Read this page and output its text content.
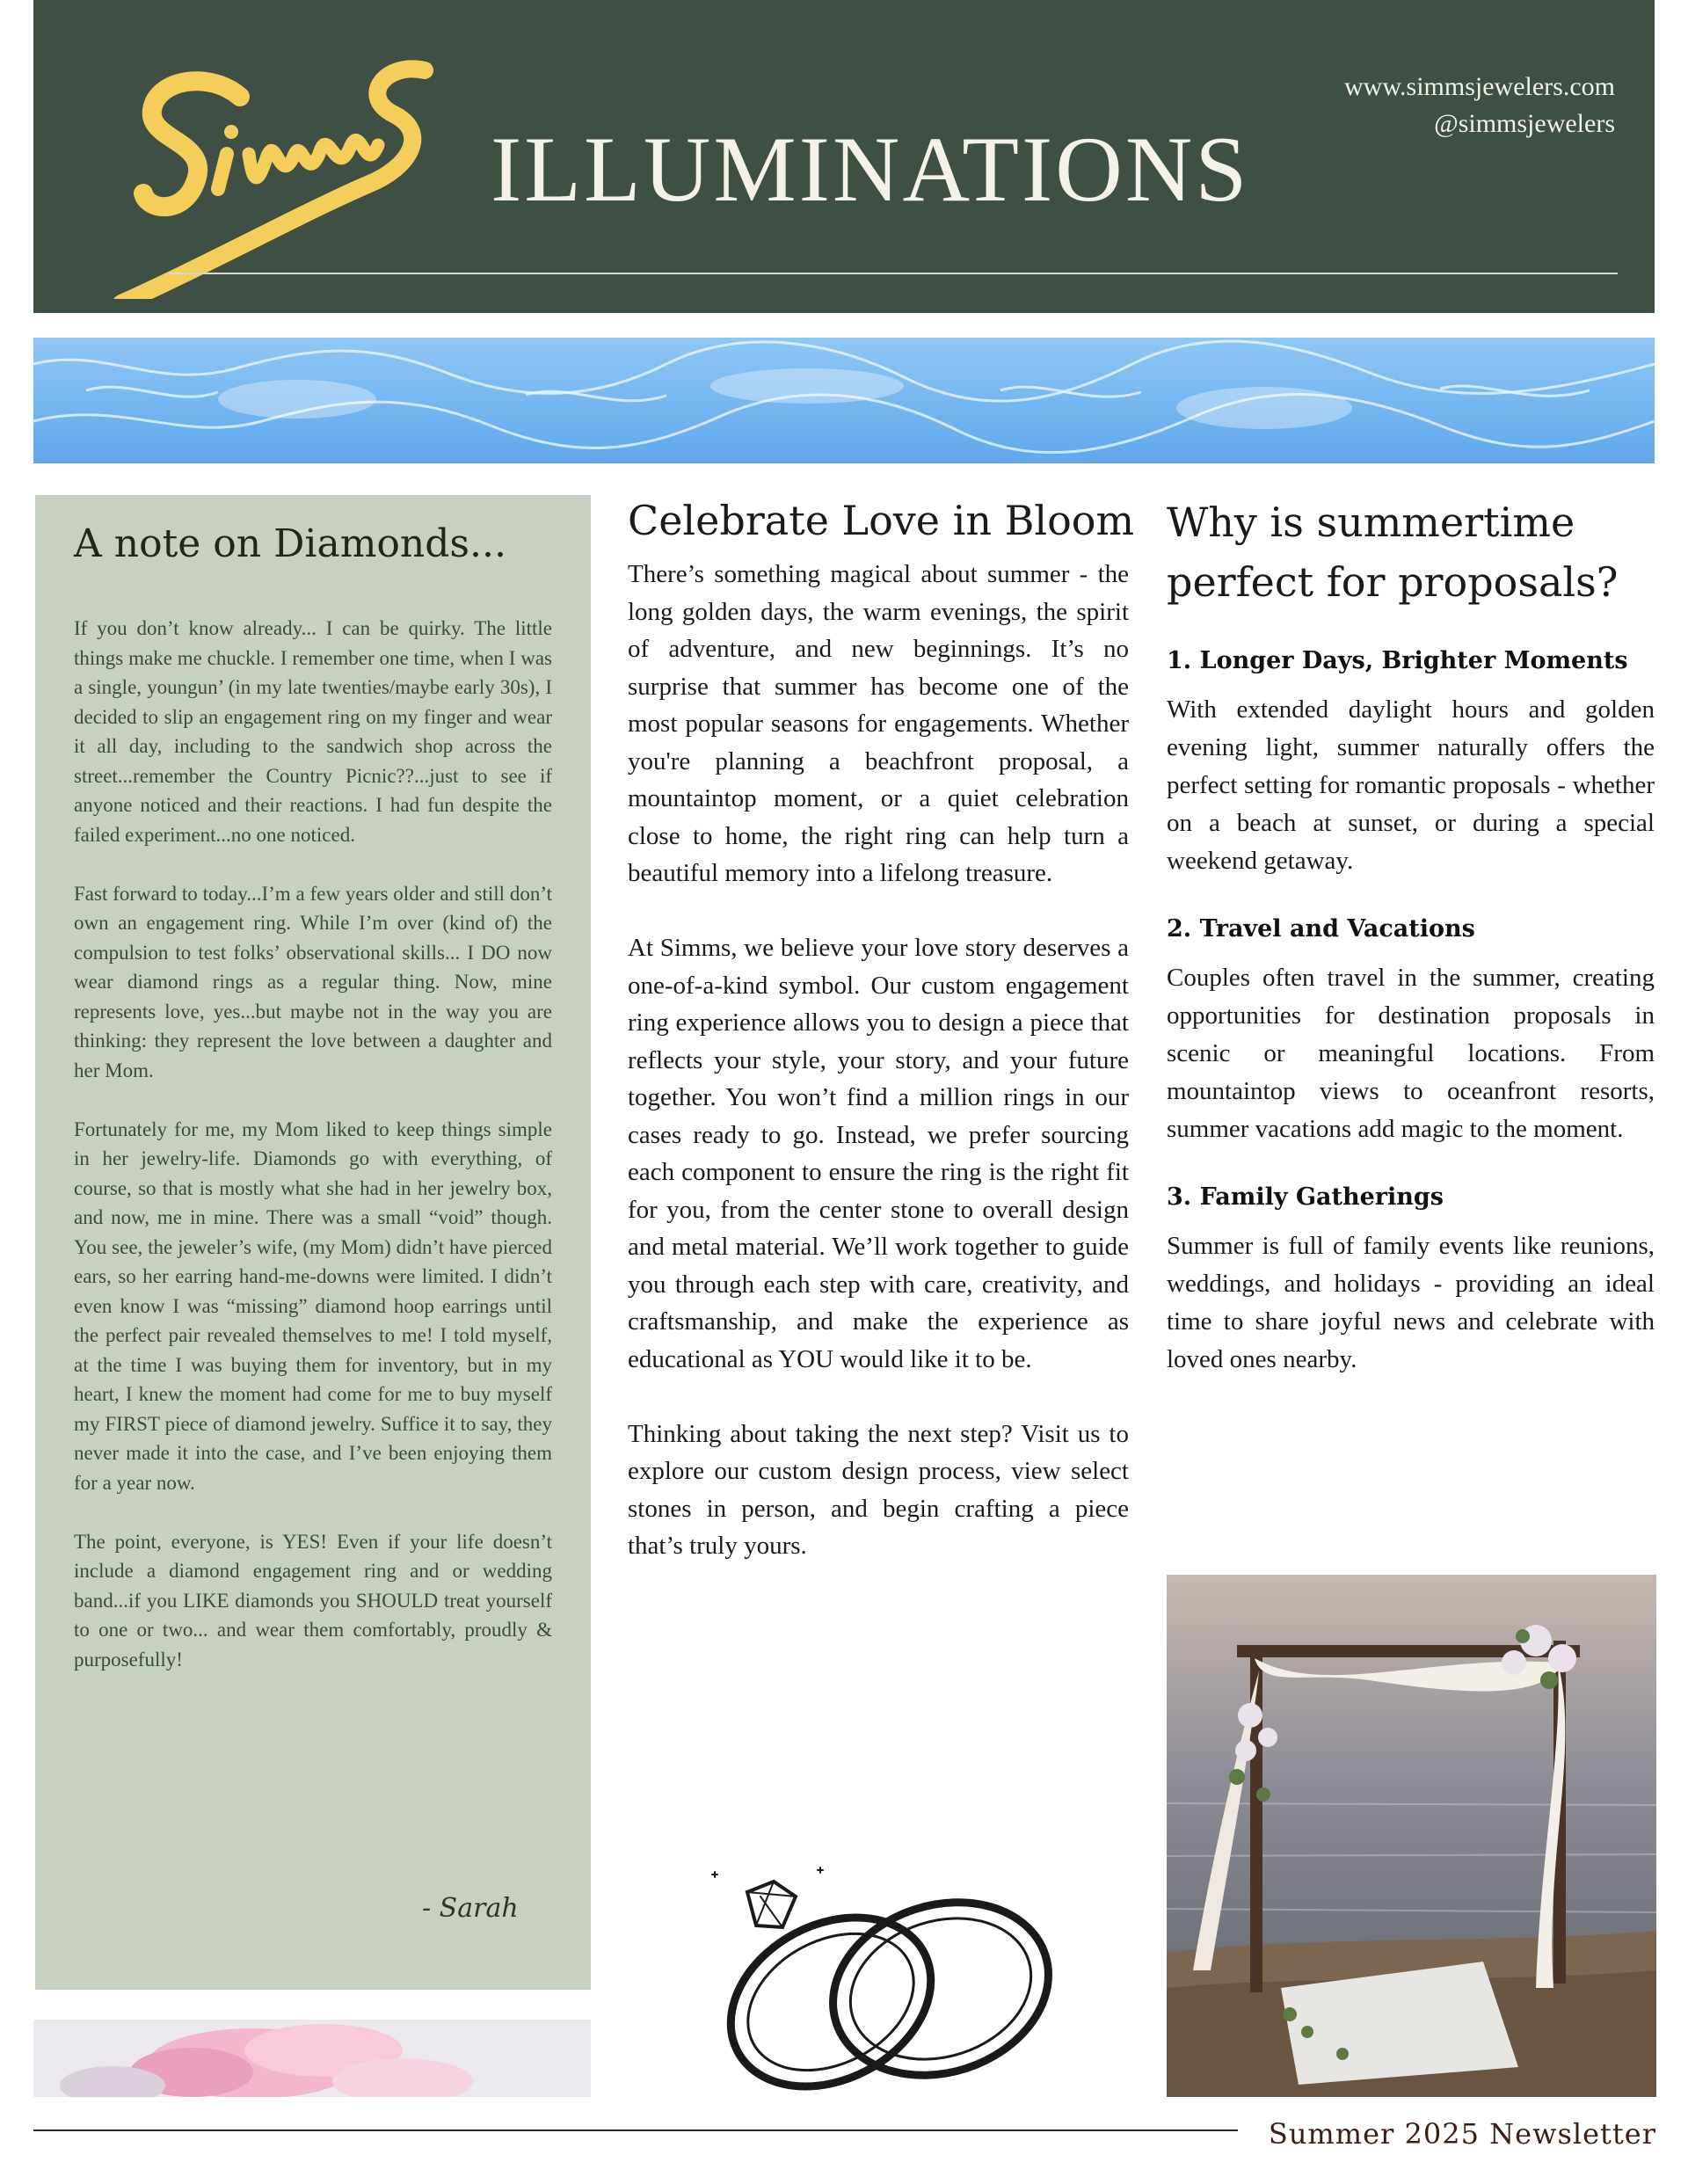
ILLUMINATIONS
www.simmsjewelers.com
@simmsjewelers
A note on Diamonds...

If you don’t know already... I can be quirky. The little things make me chuckle. I remember one time, when I was a single, youngun’ (in my late twenties/maybe early 30s), I decided to slip an engagement ring on my finger and wear it all day, including to the sandwich shop across the street...remember the Country Picnic??...just to see if anyone noticed and their reactions. I had fun despite the failed experiment...no one noticed.

Fast forward to today...I’m a few years older and still don’t own an engagement ring. While I’m over (kind of) the compulsion to test folks’ observational skills... I DO now wear diamond rings as a regular thing. Now, mine represents love, yes...but maybe not in the way you are thinking: they represent the love between a daughter and her Mom.

Fortunately for me, my Mom liked to keep things simple in her jewelry-life. Diamonds go with everything, of course, so that is mostly what she had in her jewelry box, and now, me in mine. There was a small “void” though. You see, the jeweler’s wife, (my Mom) didn’t have pierced ears, so her earring hand-me-downs were limited. I didn’t even know I was “missing” diamond hoop earrings until the perfect pair revealed themselves to me! I told myself, at the time I was buying them for inventory, but in my heart, I knew the moment had come for me to buy myself my FIRST piece of diamond jewelry. Suffice it to say, they never made it into the case, and I’ve been enjoying them for a year now.

The point, everyone, is YES! Even if your life doesn’t include a diamond engagement ring and or wedding band...if you LIKE diamonds you SHOULD treat yourself to one or two... and wear them comfortably, proudly & purposefully!

- Sarah
Celebrate Love in Bloom

There’s something magical about summer - the long golden days, the warm evenings, the spirit of adventure, and new beginnings. It’s no surprise that summer has become one of the most popular seasons for engagements. Whether you're planning a beachfront proposal, a mountaintop moment, or a quiet celebration close to home, the right ring can help turn a beautiful memory into a lifelong treasure.

At Simms, we believe your love story deserves a one-of-a-kind symbol. Our custom engagement ring experience allows you to design a piece that reflects your style, your story, and your future together. You won’t find a million rings in our cases ready to go. Instead, we prefer sourcing each component to ensure the ring is the right fit for you, from the center stone to overall design and metal material. We’ll work together to guide you through each step with care, creativity, and craftsmanship, and make the experience as educational as YOU would like it to be.

Thinking about taking the next step? Visit us to explore our custom design process, view select stones in person, and begin crafting a piece that’s truly yours.

Why is summertime perfect for proposals?
1. Longer Days, Brighter Moments
With extended daylight hours and golden evening light, summer naturally offers the perfect setting for romantic proposals - whether on a beach at sunset, or during a special weekend getaway.
2. Travel and Vacations
Couples often travel in the summer, creating opportunities for destination proposals in scenic or meaningful locations. From mountaintop views to oceanfront resorts, summer vacations add magic to the moment.
3. Family Gatherings
Summer is full of family events like reunions, weddings, and holidays - providing an ideal time to share joyful news and celebrate with loved ones nearby.
Summer 2025 Newsletter
